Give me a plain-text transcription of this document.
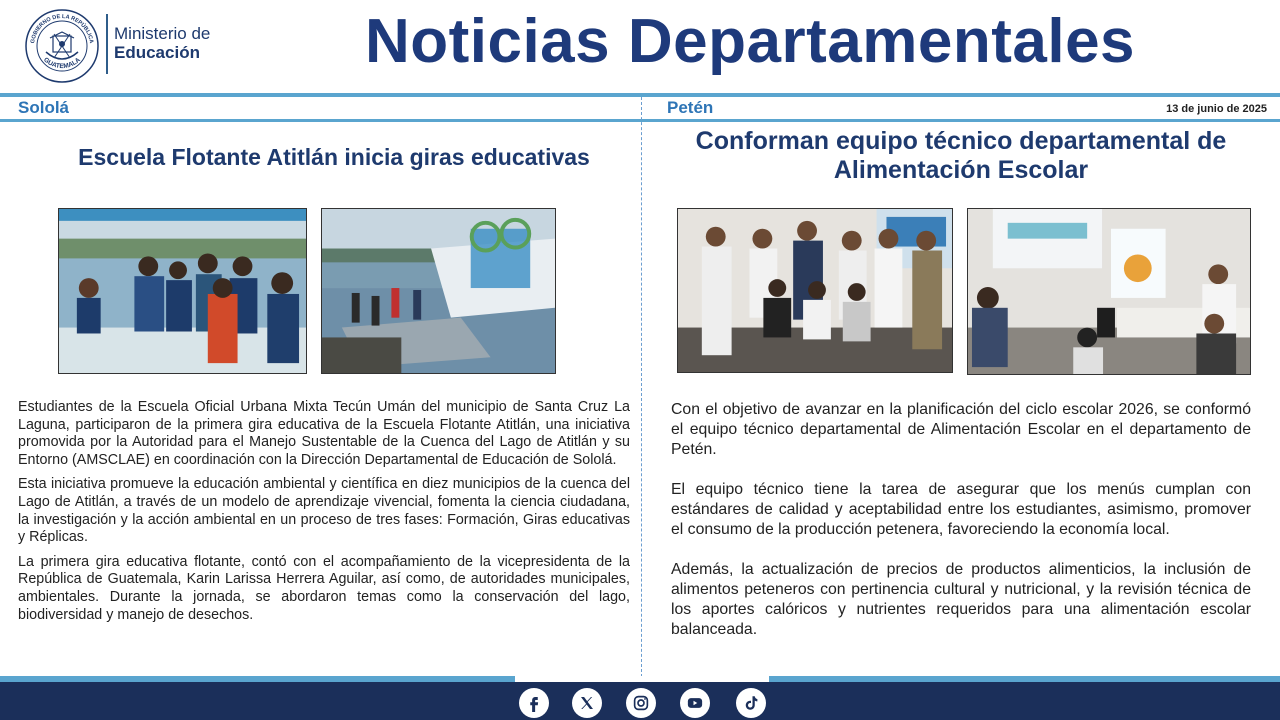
GOBIERNO DE LA REPÚBLICA
GUATEMALA
Ministerio de
Educación	Noticias Departamentales
Sololá	Petén	13 de junio de 2025
Escuela Flotante Atitlán inicia giras educativas

Estudiantes de la Escuela Oficial Urbana Mixta Tecún Umán del municipio de Santa Cruz La Laguna, participaron de la primera gira educativa de la Escuela Flotante Atitlán, una iniciativa promovida por la Autoridad para el Manejo Sustentable de la Cuenca del Lago de Atitlán y su Entorno (AMSCLAE) en coordinación con la Dirección Departamental de Educación de Sololá.

Esta iniciativa promueve la educación ambiental y científica en diez municipios de la cuenca del Lago de Atitlán, a través de un modelo de aprendizaje vivencial, fomenta la ciencia ciudadana, la investigación y la acción ambiental en un proceso de tres fases: Formación, Giras educativas y Réplicas.

La primera gira educativa flotante, contó con el acompañamiento de la vicepresidenta de la República de Guatemala, Karin Larissa Herrera Aguilar, así como, de autoridades municipales, ambientales. Durante la jornada, se abordaron temas como la conservación del lago, biodiversidad y manejo de desechos.

Conforman equipo técnico departamental de Alimentación Escolar

Con el objetivo de avanzar en la planificación del ciclo escolar 2026, se conformó el equipo técnico departamental de Alimentación Escolar en el departamento de Petén.

El equipo técnico tiene la tarea de asegurar que los menús cumplan con estándares de calidad y aceptabilidad entre los estudiantes, asimismo, promover el consumo de la producción petenera, favoreciendo la economía local.

Además, la actualización de precios de productos alimenticios, la inclusión de alimentos peteneros con pertinencia cultural y nutricional, y la revisión técnica de los aportes calóricos y nutrientes requeridos para una alimentación escolar balanceada.
